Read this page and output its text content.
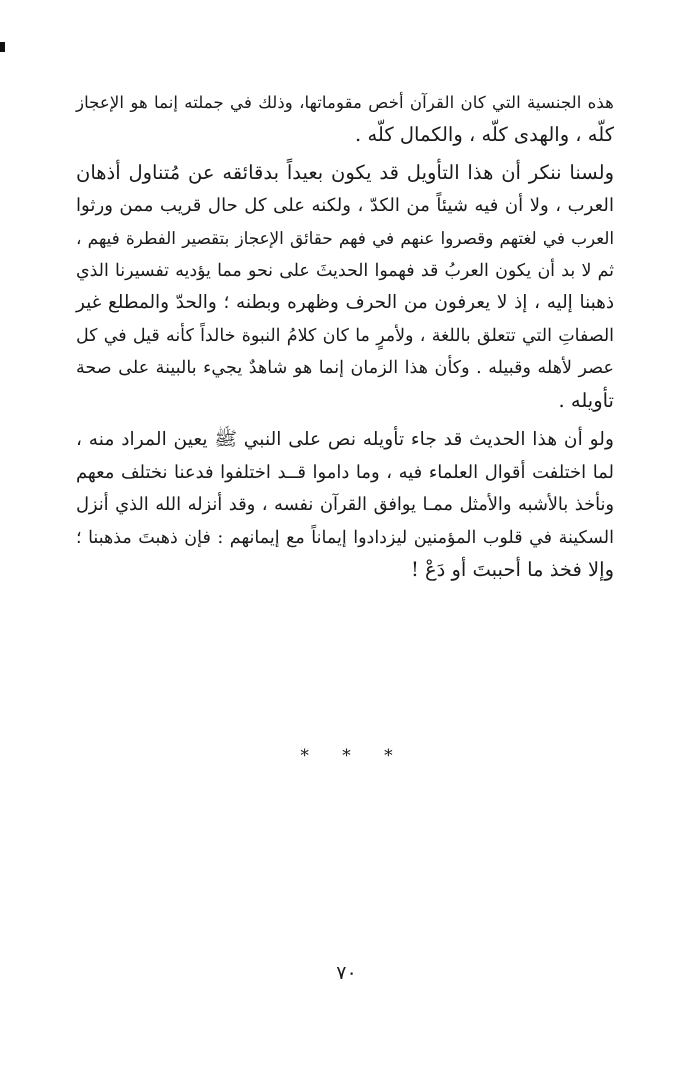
هذه الجنسية التي كان القرآن أخص مقوماتها، وذلك في جملته إنما هو الإعجاز
كلّه ، والهدى كلّه ، والكمال كلّه .
ولسنا ننكر أن هذا التأويل قد يكون بعيداً بدقائقه عن مُتناول أذهان
العرب ، ولا أن فيه شيئاً من الكدّ ، ولكنه على كل حال قريب ممن ورثوا
العرب في لغتهم وقصروا عنهم في فهم حقائق الإعجاز بتقصير الفطرة فيهم ،
ثم لا بد أن يكون العربُ قد فهموا الحديثَ على نحو مما يؤديه تفسيرنا الذي
ذهبنا إليه ، إذ لا يعرفون من الحرف وظهره وبطنه ؛ والحدّ والمطلع غير
الصفاتِ التي تتعلق باللغة ، ولأمرٍ ما كان كلامُ النبوة خالداً كأنه قيل في كل
عصر لأهله وقبيله . وكأن هذا الزمان إنما هو شاهدٌ يجيء بالبينة على صحة
تأويله .
ولو أن هذا الحديث قد جاء تأويله نص على النبي ﷺ يعين المراد منه ،
لما اختلفت أقوال العلماء فيه ، وما داموا قــد اختلفوا فدعنا نختلف معهم
ونأخذ بالأشبه والأمثل ممـا يوافق القرآن نفسه ، وقد أنزله الله الذي أنزل
السكينة في قلوب المؤمنين ليزدادوا إيماناً مع إيمانهم : فإن ذهبتَ مذهبنا ؛
وإلا فخذ ما أحببتَ أو دَعْ !
* * *
٧٠
